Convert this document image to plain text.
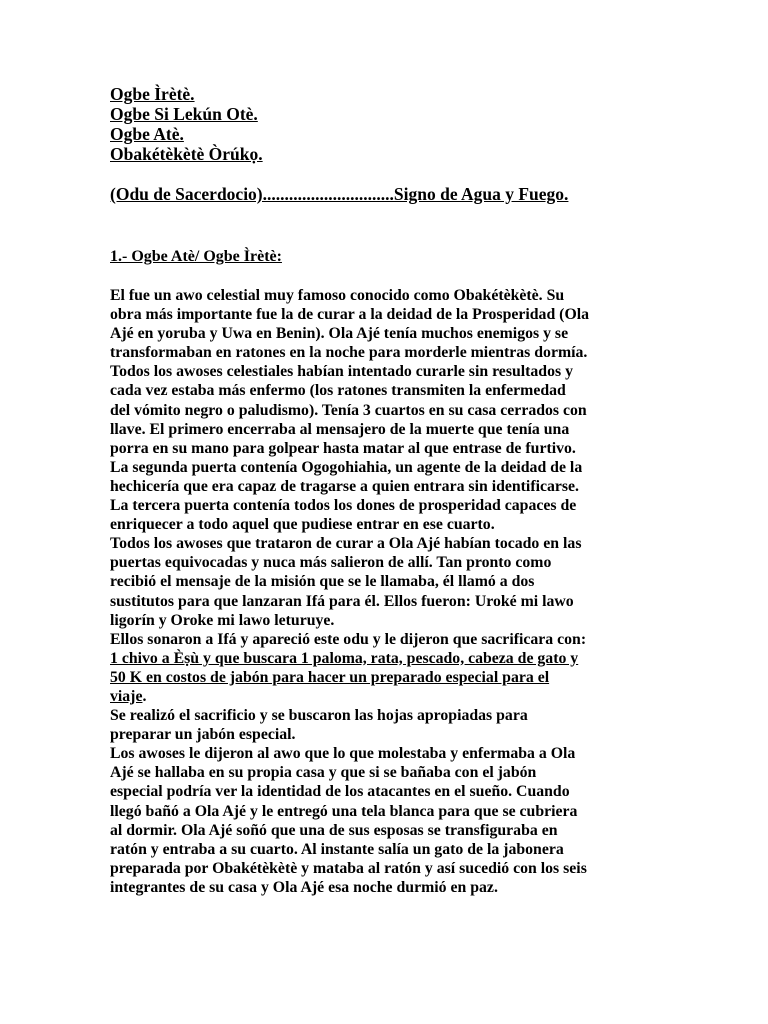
Ogbe Ìrètè.
Ogbe Si Lekún Otè.
Ogbe Atè.
Obakétèkètè Òrúkọ.
(Odu de Sacerdocio)..............................Signo de Agua y Fuego.
1.- Ogbe Atè/ Ogbe Ìrètè:
El fue un awo celestial muy famoso conocido como Obakétèkètè. Su
obra más importante fue la de curar a la deidad de la Prosperidad (Ola
Ajé en yoruba y Uwa en Benin). Ola Ajé tenía muchos enemigos y se
transformaban en ratones en la noche para morderle mientras dormía.
Todos los awoses celestiales habían intentado curarle sin resultados y
cada vez estaba más enfermo (los ratones transmiten la enfermedad
del vómito negro o paludismo). Tenía 3 cuartos en su casa cerrados con
llave. El primero encerraba al mensajero de la muerte que tenía una
porra en su mano para golpear hasta matar al que entrase de furtivo.
La segunda puerta contenía Ogogohiahia, un agente de la deidad de la
hechicería que era capaz de tragarse a quien entrara sin identificarse.
La tercera puerta contenía todos los dones de prosperidad capaces de
enriquecer a todo aquel que pudiese entrar en ese cuarto.
Todos los awoses que trataron de curar a Ola Ajé habían tocado en las
puertas equivocadas y nuca más salieron de allí. Tan pronto como
recibió el mensaje de la misión que se le llamaba, él llamó a dos
sustitutos para que lanzaran Ifá para él. Ellos fueron: Uroké mi lawo
ligorín y Oroke mi lawo leturuye.
Ellos sonaron a Ifá y apareció este odu y le dijeron que sacrificara con:
1 chivo a Èṣù y que buscara 1 paloma, rata, pescado, cabeza de gato y
50 K en costos de jabón para hacer un preparado especial para el
viaje.
Se realizó el sacrificio y se buscaron las hojas apropiadas para
preparar un jabón especial.
Los awoses le dijeron al awo que lo que molestaba y enfermaba a Ola
Ajé se hallaba en su propia casa y que si se bañaba con el jabón
especial podría ver la identidad de los atacantes en el sueño. Cuando
llegó bañó a Ola Ajé y le entregó una tela blanca para que se cubriera
al dormir. Ola Ajé soñó que una de sus esposas se transfiguraba en
ratón y entraba a su cuarto. Al instante salía un gato de la jabonera
preparada por Obakétèkètè y mataba al ratón y así sucedió con los seis
integrantes de su casa y Ola Ajé esa noche durmió en paz.
